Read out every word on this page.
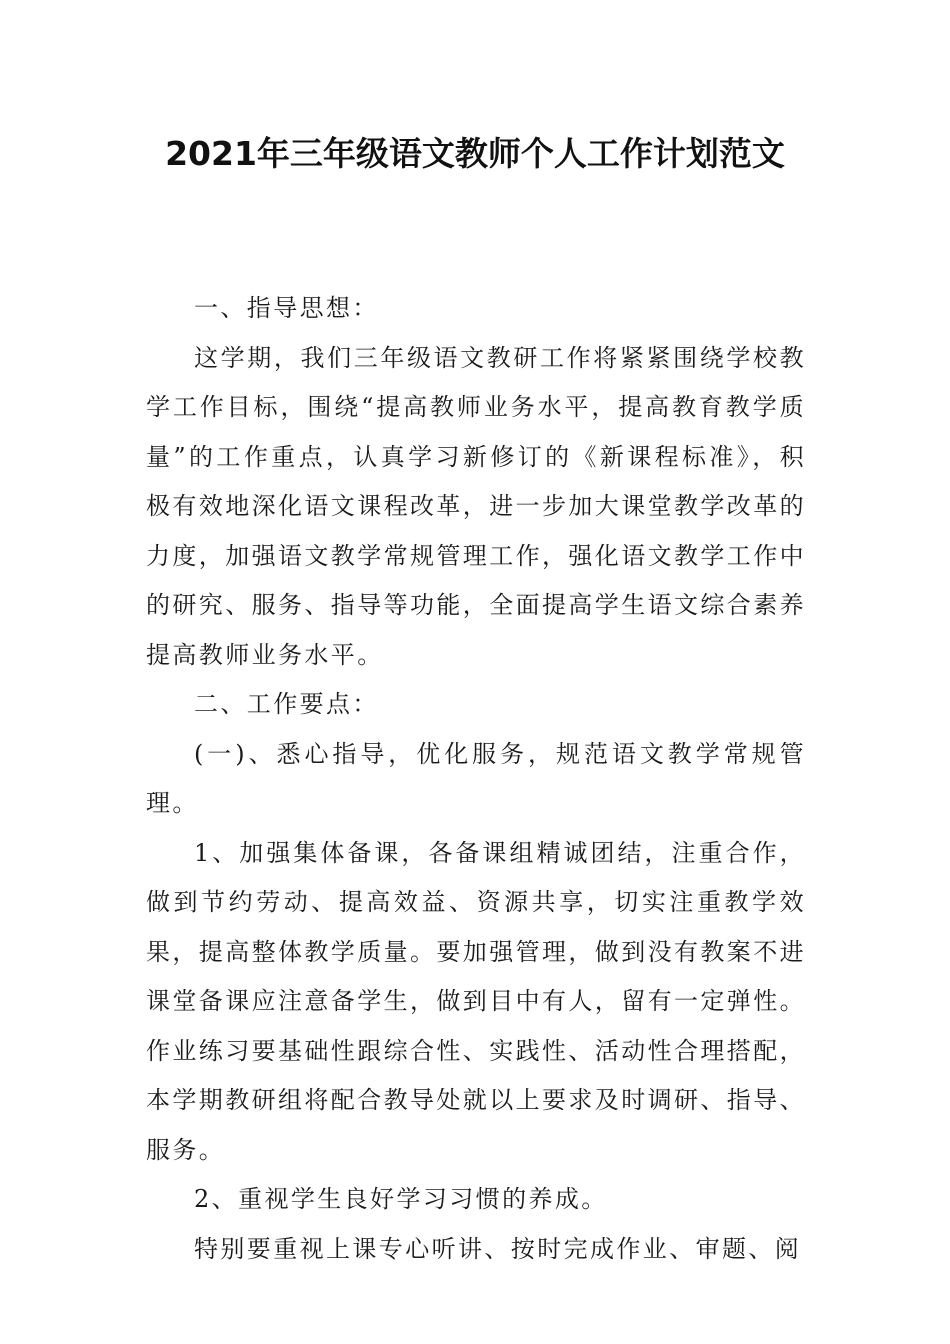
2021年三年级语文教师个人工作计划范文

一、指导思想：

这学期，我们三年级语文教研工作将紧紧围绕学校教学工作目标，围绕“提高教师业务水平，提高教育教学质量”的工作重点，认真学习新修订的《新课程标准》，积极有效地深化语文课程改革，进一步加大课堂教学改革的力度，加强语文教学常规管理工作，强化语文教学工作中的研究、服务、指导等功能，全面提高学生语文综合素养提高教师业务水平。

二、工作要点：

(一)、悉心指导，优化服务，规范语文教学常规管理。

1、加强集体备课，各备课组精诚团结，注重合作，做到节约劳动、提高效益、资源共享，切实注重教学效果，提高整体教学质量。要加强管理，做到没有教案不进课堂备课应注意备学生，做到目中有人，留有一定弹性。作业练习要基础性跟综合性、实践性、活动性合理搭配，本学期教研组将配合教导处就以上要求及时调研、指导、服务。

2、重视学生良好学习习惯的养成。

特别要重视上课专心听讲、按时完成作业、审题、阅
